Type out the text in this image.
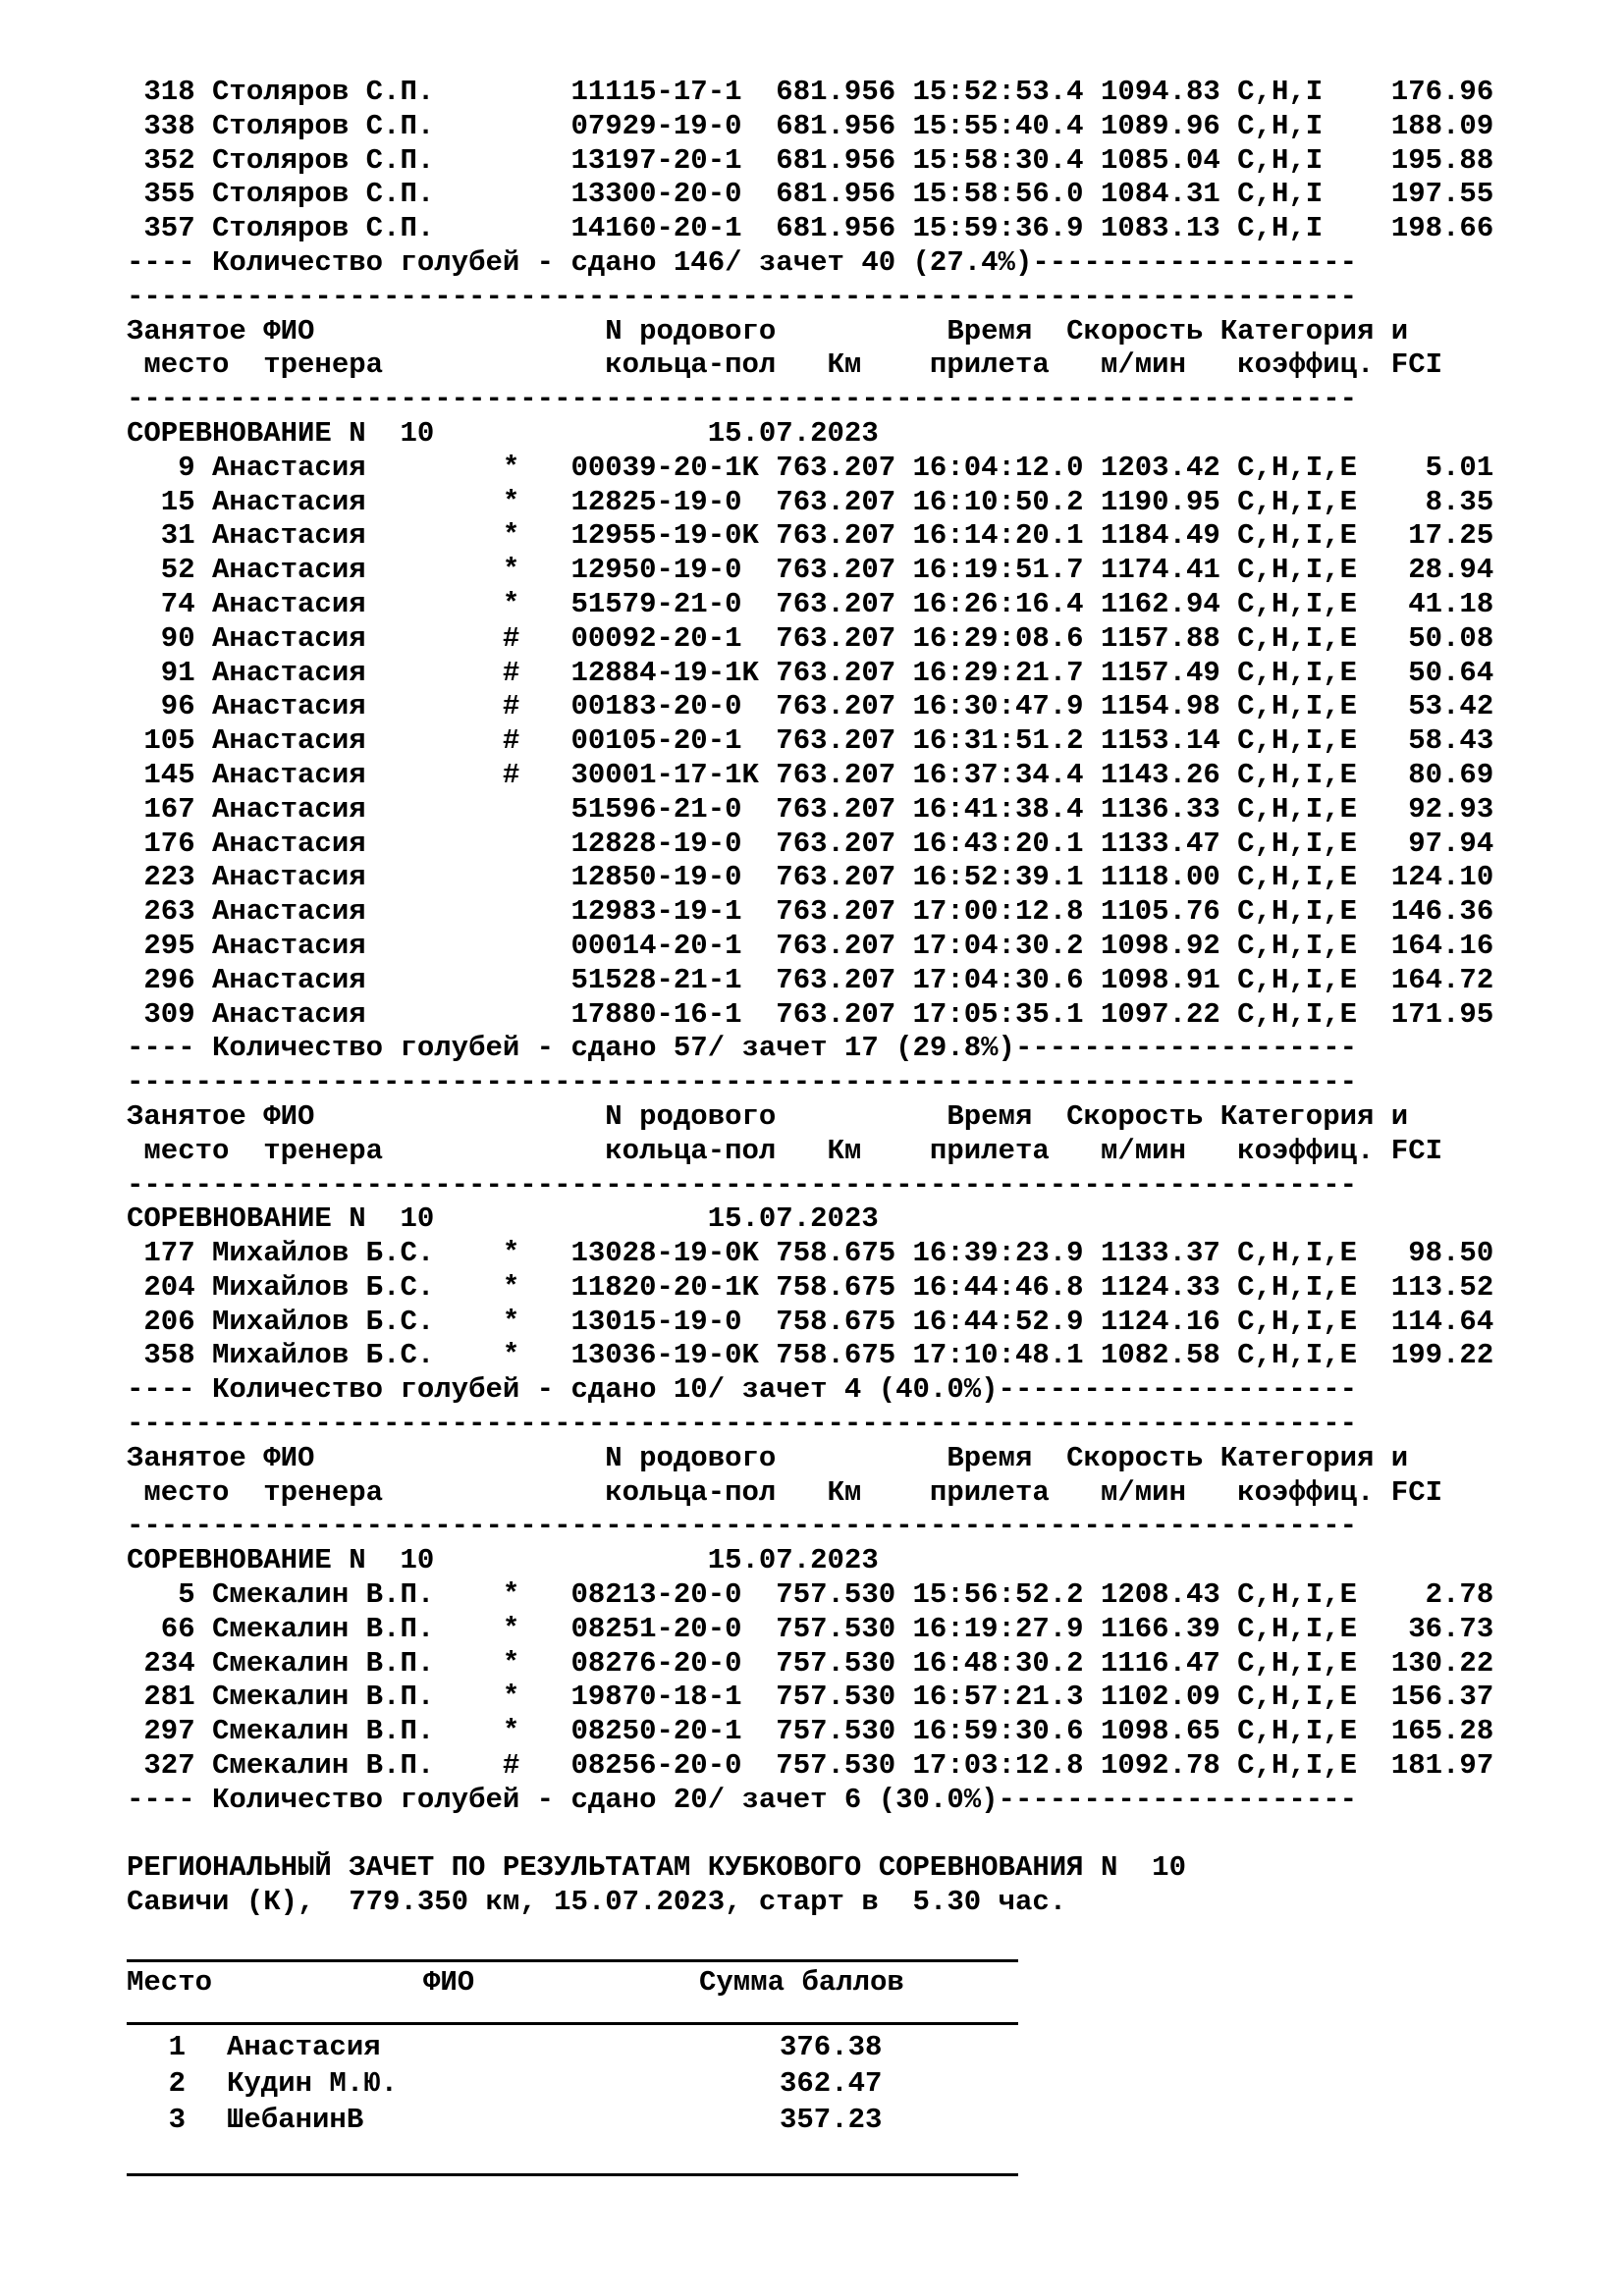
318 Столяров С.П.        11115-17-1  681.956 15:52:53.4 1094.83 C,H,I    176.96
338 Столяров С.П.        07929-19-0  681.956 15:55:40.4 1089.96 C,H,I    188.09
352 Столяров С.П.        13197-20-1  681.956 15:58:30.4 1085.04 C,H,I    195.88
355 Столяров С.П.        13300-20-0  681.956 15:58:56.0 1084.31 C,H,I    197.55
357 Столяров С.П.        14160-20-1  681.956 15:59:36.9 1083.13 C,H,I    198.66
---- Количество голубей - сдано 146/ зачет 40 (27.4%)-------------------
------------------------------------------------------------------------
Занятое ФИО                 N родового          Время  Скорость Категория и
место  тренера             кольца-пол   Км    прилета   м/мин   коэффиц. FCI
------------------------------------------------------------------------
СОРЕВНОВАНИЕ N  10                15.07.2023
9 Анастасия        *   00039-20-1K 763.207 16:04:12.0 1203.42 C,H,I,E    5.01
15 Анастасия        *   12825-19-0  763.207 16:10:50.2 1190.95 C,H,I,E    8.35
31 Анастасия        *   12955-19-0K 763.207 16:14:20.1 1184.49 C,H,I,E   17.25
52 Анастасия        *   12950-19-0  763.207 16:19:51.7 1174.41 C,H,I,E   28.94
74 Анастасия        *   51579-21-0  763.207 16:26:16.4 1162.94 C,H,I,E   41.18
90 Анастасия        #   00092-20-1  763.207 16:29:08.6 1157.88 C,H,I,E   50.08
91 Анастасия        #   12884-19-1K 763.207 16:29:21.7 1157.49 C,H,I,E   50.64
96 Анастасия        #   00183-20-0  763.207 16:30:47.9 1154.98 C,H,I,E   53.42
105 Анастасия        #   00105-20-1  763.207 16:31:51.2 1153.14 C,H,I,E   58.43
145 Анастасия        #   30001-17-1K 763.207 16:37:34.4 1143.26 C,H,I,E   80.69
167 Анастасия            51596-21-0  763.207 16:41:38.4 1136.33 C,H,I,E   92.93
176 Анастасия            12828-19-0  763.207 16:43:20.1 1133.47 C,H,I,E   97.94
223 Анастасия            12850-19-0  763.207 16:52:39.1 1118.00 C,H,I,E  124.10
263 Анастасия            12983-19-1  763.207 17:00:12.8 1105.76 C,H,I,E  146.36
295 Анастасия            00014-20-1  763.207 17:04:30.2 1098.92 C,H,I,E  164.16
296 Анастасия            51528-21-1  763.207 17:04:30.6 1098.91 C,H,I,E  164.72
309 Анастасия            17880-16-1  763.207 17:05:35.1 1097.22 C,H,I,E  171.95
---- Количество голубей - сдано 57/ зачет 17 (29.8%)--------------------
------------------------------------------------------------------------
Занятое ФИО                 N родового          Время  Скорость Категория и
место  тренера             кольца-пол   Км    прилета   м/мин   коэффиц. FCI
------------------------------------------------------------------------
СОРЕВНОВАНИЕ N  10                15.07.2023
177 Михайлов Б.С.    *   13028-19-0K 758.675 16:39:23.9 1133.37 C,H,I,E   98.50
204 Михайлов Б.С.    *   11820-20-1K 758.675 16:44:46.8 1124.33 C,H,I,E  113.52
206 Михайлов Б.С.    *   13015-19-0  758.675 16:44:52.9 1124.16 C,H,I,E  114.64
358 Михайлов Б.С.    *   13036-19-0K 758.675 17:10:48.1 1082.58 C,H,I,E  199.22
---- Количество голубей - сдано 10/ зачет 4 (40.0%)---------------------
------------------------------------------------------------------------
Занятое ФИО                 N родового          Время  Скорость Категория и
место  тренера             кольца-пол   Км    прилета   м/мин   коэффиц. FCI
------------------------------------------------------------------------
СОРЕВНОВАНИЕ N  10                15.07.2023
5 Смекалин В.П.    *   08213-20-0  757.530 15:56:52.2 1208.43 C,H,I,E    2.78
66 Смекалин В.П.    *   08251-20-0  757.530 16:19:27.9 1166.39 C,H,I,E   36.73
234 Смекалин В.П.    *   08276-20-0  757.530 16:48:30.2 1116.47 C,H,I,E  130.22
281 Смекалин В.П.    *   19870-18-1  757.530 16:57:21.3 1102.09 C,H,I,E  156.37
297 Смекалин В.П.    *   08250-20-1  757.530 16:59:30.6 1098.65 C,H,I,E  165.28
327 Смекалин В.П.    #   08256-20-0  757.530 17:03:12.8 1092.78 C,H,I,E  181.97
---- Количество голубей - сдано 20/ зачет 6 (30.0%)---------------------
РЕГИОНАЛЬНЫЙ ЗАЧЕТ ПО РЕЗУЛЬТАТАМ КУБКОВОГО СОРЕВНОВАНИЯ N  10
Савичи (К),  779.350 км, 15.07.2023, старт в  5.30 час.
Место	ФИО	Сумма баллов
1 Анастасия	376.38
2 Кудин М.Ю.	362.47
3 ШебанинВ	357.23
